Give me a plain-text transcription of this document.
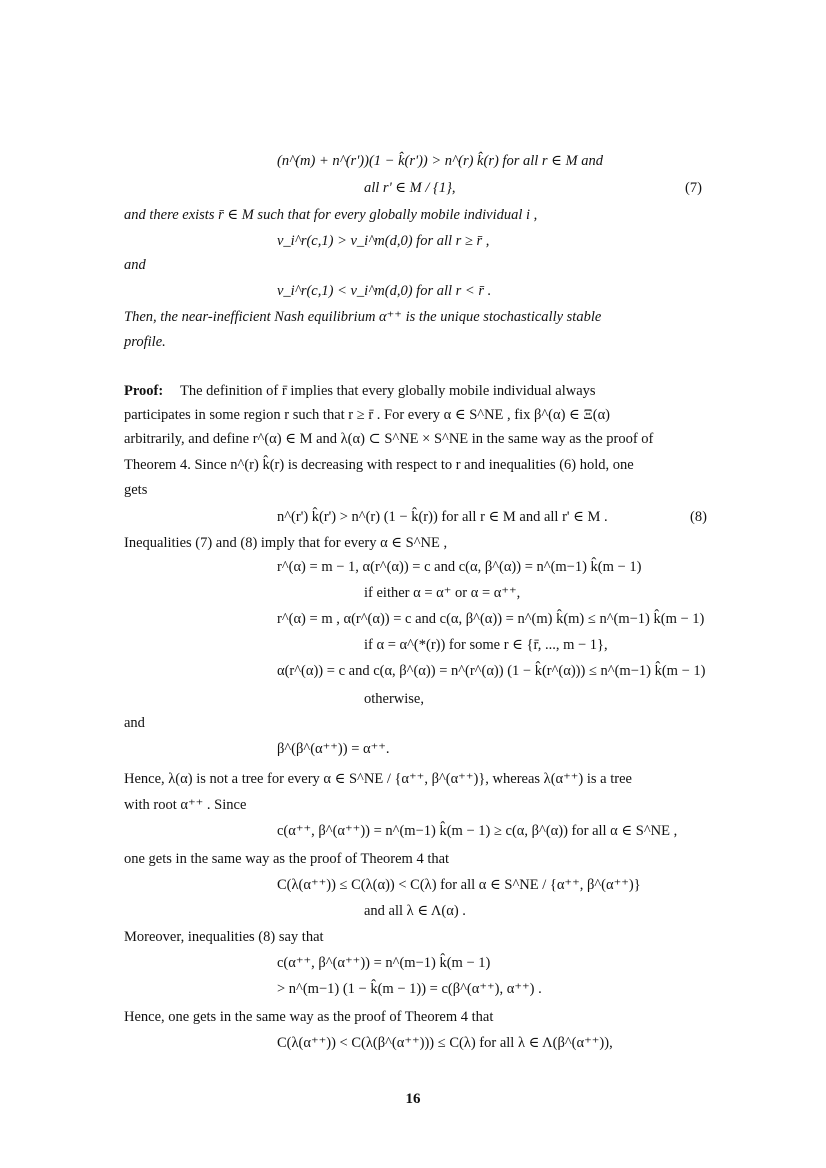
(n^(m) + n^(r'))(1 − k̂(r')) > n^(r) k̂(r) for all r ∈ M and
all r' ∈ M / {1},	(7)
and there exists r̄ ∈ M such that for every globally mobile individual i ,
v_i^r(c,1) > v_i^m(d,0) for all r ≥ r̄ ,
and
v_i^r(c,1) < v_i^m(d,0) for all r < r̄ .
Then, the near-inefficient Nash equilibrium α⁺⁺ is the unique stochastically stable
profile.
Proof: The definition of r̄ implies that every globally mobile individual always
participates in some region r such that r ≥ r̄ . For every α ∈ S^NE , fix β^(α) ∈ Ξ(α)
arbitrarily, and define r^(α) ∈ M and λ(α) ⊂ S^NE × S^NE in the same way as the proof of
Theorem 4. Since n^(r) k̂(r) is decreasing with respect to r and inequalities (6) hold, one
gets
n^(r') k̂(r') > n^(r) (1 − k̂(r)) for all r ∈ M and all r' ∈ M .	(8)
Inequalities (7) and (8) imply that for every α ∈ S^NE ,
r^(α) = m − 1, α(r^(α)) = c and c(α, β^(α)) = n^(m−1) k̂(m − 1)
if either α = α⁺ or α = α⁺⁺,
r^(α) = m , α(r^(α)) = c and c(α, β^(α)) = n^(m) k̂(m) ≤ n^(m−1) k̂(m − 1)
if α = α^(*(r)) for some r ∈ {r̄, ..., m − 1},
α(r^(α)) = c and c(α, β^(α)) = n^(r^(α)) (1 − k̂(r^(α))) ≤ n^(m−1) k̂(m − 1)
otherwise,
and
β^(β^(α⁺⁺)) = α⁺⁺.
Hence, λ(α) is not a tree for every α ∈ S^NE / {α⁺⁺, β^(α⁺⁺)}, whereas λ(α⁺⁺) is a tree
with root α⁺⁺ . Since
c(α⁺⁺, β^(α⁺⁺)) = n^(m−1) k̂(m − 1) ≥ c(α, β^(α)) for all α ∈ S^NE ,
one gets in the same way as the proof of Theorem 4 that
C(λ(α⁺⁺)) ≤ C(λ(α)) < C(λ) for all α ∈ S^NE / {α⁺⁺, β^(α⁺⁺)}
and all λ ∈ Λ(α) .
Moreover, inequalities (8) say that
c(α⁺⁺, β^(α⁺⁺)) = n^(m−1) k̂(m − 1)
> n^(m−1) (1 − k̂(m − 1)) = c(β^(α⁺⁺), α⁺⁺) .
Hence, one gets in the same way as the proof of Theorem 4 that
C(λ(α⁺⁺)) < C(λ(β^(α⁺⁺))) ≤ C(λ) for all λ ∈ Λ(β^(α⁺⁺)),
16
